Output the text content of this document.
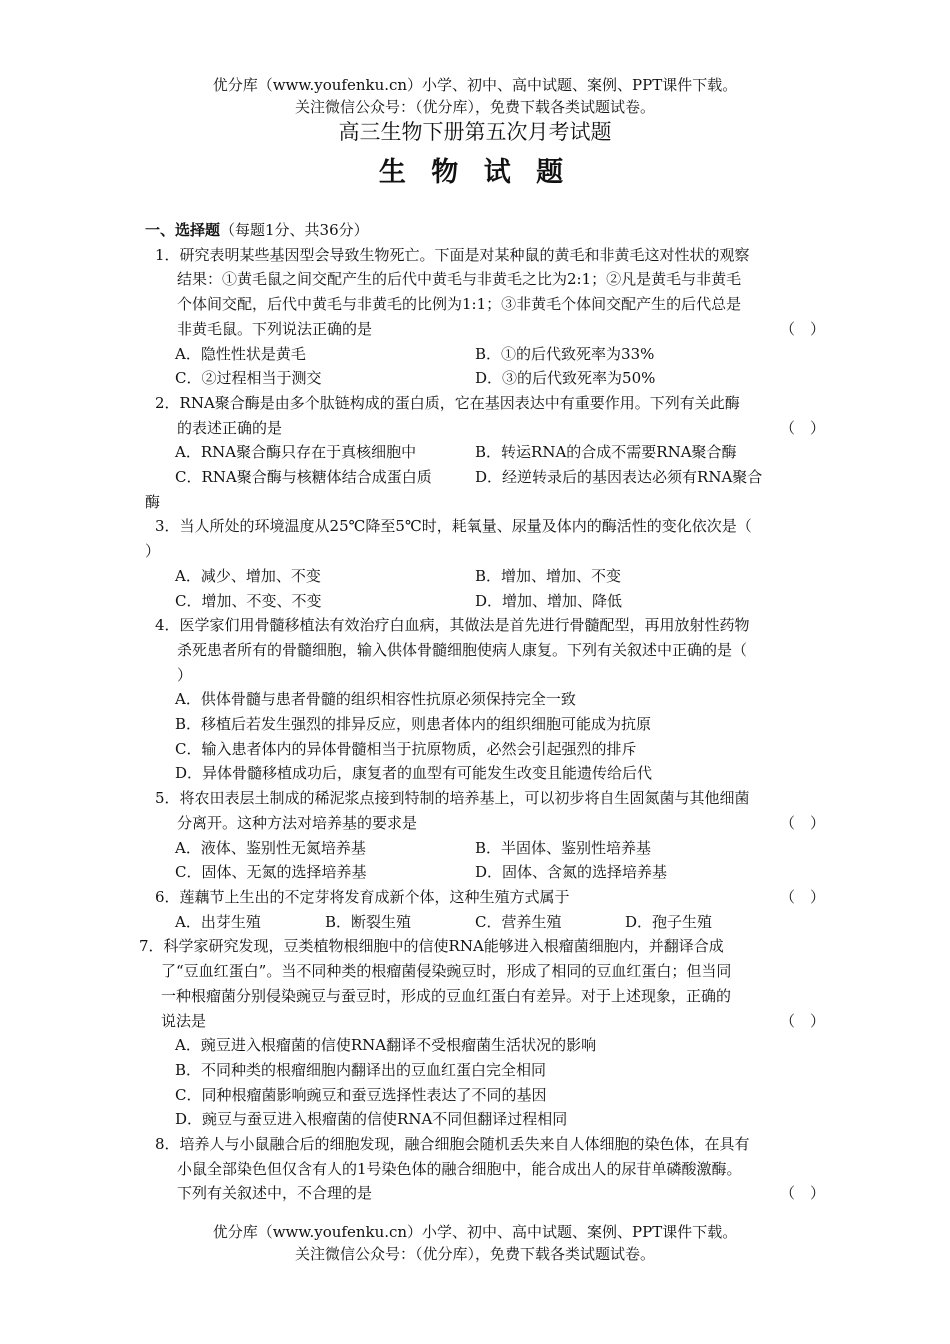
优分库（www.youfenku.cn）小学、初中、高中试题、案例、PPT课件下载。
关注微信公众号：（优分库），免费下载各类试题试卷。
高三生物下册第五次月考试题
生 物 试 题
一、选择题（每题1分、共36分）
1．研究表明某些基因型会导致生物死亡。下面是对某种鼠的黄毛和非黄毛这对性状的观察
结果：①黄毛鼠之间交配产生的后代中黄毛与非黄毛之比为2:1；②凡是黄毛与非黄毛
个体间交配，后代中黄毛与非黄毛的比例为1:1；③非黄毛个体间交配产生的后代总是
非黄毛鼠。下列说法正确的是	（　）
A．隐性性状是黄毛	B．①的后代致死率为33%
C．②过程相当于测交	D．③的后代致死率为50%
2．RNA聚合酶是由多个肽链构成的蛋白质，它在基因表达中有重要作用。下列有关此酶
的表述正确的是	（　）
A．RNA聚合酶只存在于真核细胞中	B．转运RNA的合成不需要RNA聚合酶
C．RNA聚合酶与核糖体结合成蛋白质	D．经逆转录后的基因表达必须有RNA聚合
酶
3．当人所处的环境温度从25℃降至5℃时，耗氧量、尿量及体内的酶活性的变化依次是（
）
A．减少、增加、不变	B．增加、增加、不变
C．增加、不变、不变	D．增加、增加、降低
4．医学家们用骨髓移植法有效治疗白血病，其做法是首先进行骨髓配型，再用放射性药物
杀死患者所有的骨髓细胞，输入供体骨髓细胞使病人康复。下列有关叙述中正确的是（
）
A．供体骨髓与患者骨髓的组织相容性抗原必须保持完全一致
B．移植后若发生强烈的排异反应，则患者体内的组织细胞可能成为抗原
C．输入患者体内的异体骨髓相当于抗原物质，必然会引起强烈的排斥
D．异体骨髓移植成功后，康复者的血型有可能发生改变且能遗传给后代
5．将农田表层土制成的稀泥浆点接到特制的培养基上，可以初步将自生固氮菌与其他细菌
分离开。这种方法对培养基的要求是	（　）
A．液体、鉴别性无氮培养基	B．半固体、鉴别性培养基
C．固体、无氮的选择培养基	D．固体、含氮的选择培养基
6．莲藕节上生出的不定芽将发育成新个体，这种生殖方式属于	（　）
A．出芽生殖	B．断裂生殖	C．营养生殖	D．孢子生殖
7．科学家研究发现，豆类植物根细胞中的信使RNA能够进入根瘤菌细胞内，并翻译合成
了“豆血红蛋白”。当不同种类的根瘤菌侵染豌豆时，形成了相同的豆血红蛋白；但当同
一种根瘤菌分别侵染豌豆与蚕豆时，形成的豆血红蛋白有差异。对于上述现象，正确的
说法是	（　）
A．豌豆进入根瘤菌的信使RNA翻译不受根瘤菌生活状况的影响
B．不同种类的根瘤细胞内翻译出的豆血红蛋白完全相同
C．同种根瘤菌影响豌豆和蚕豆选择性表达了不同的基因
D．豌豆与蚕豆进入根瘤菌的信使RNA不同但翻译过程相同
8．培养人与小鼠融合后的细胞发现，融合细胞会随机丢失来自人体细胞的染色体，在具有
小鼠全部染色但仅含有人的1号染色体的融合细胞中，能合成出人的尿苷单磷酸激酶。
下列有关叙述中，不合理的是	（　）
优分库（www.youfenku.cn）小学、初中、高中试题、案例、PPT课件下载。
关注微信公众号：（优分库），免费下载各类试题试卷。
